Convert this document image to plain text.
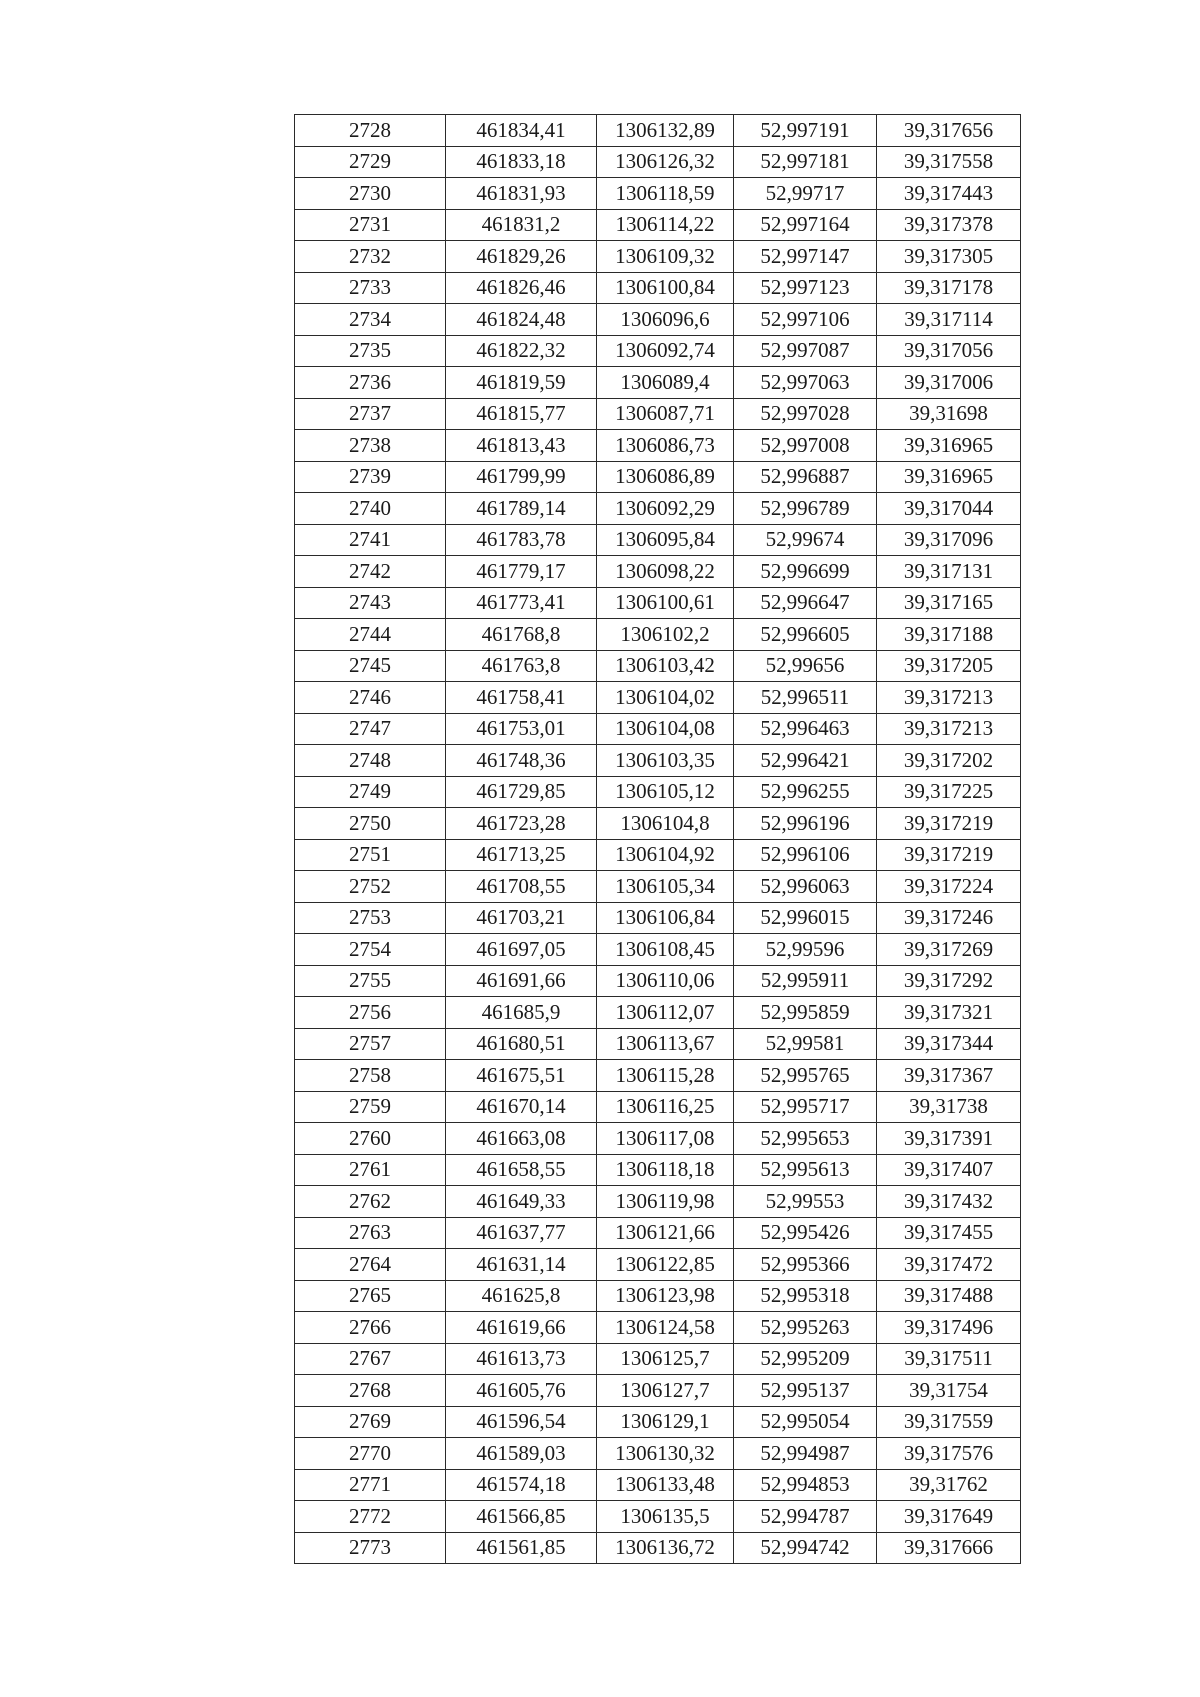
2728	461834,41	1306132,89	52,997191	39,317656
2729	461833,18	1306126,32	52,997181	39,317558
2730	461831,93	1306118,59	52,99717	39,317443
2731	461831,2	1306114,22	52,997164	39,317378
2732	461829,26	1306109,32	52,997147	39,317305
2733	461826,46	1306100,84	52,997123	39,317178
2734	461824,48	1306096,6	52,997106	39,317114
2735	461822,32	1306092,74	52,997087	39,317056
2736	461819,59	1306089,4	52,997063	39,317006
2737	461815,77	1306087,71	52,997028	39,31698
2738	461813,43	1306086,73	52,997008	39,316965
2739	461799,99	1306086,89	52,996887	39,316965
2740	461789,14	1306092,29	52,996789	39,317044
2741	461783,78	1306095,84	52,99674	39,317096
2742	461779,17	1306098,22	52,996699	39,317131
2743	461773,41	1306100,61	52,996647	39,317165
2744	461768,8	1306102,2	52,996605	39,317188
2745	461763,8	1306103,42	52,99656	39,317205
2746	461758,41	1306104,02	52,996511	39,317213
2747	461753,01	1306104,08	52,996463	39,317213
2748	461748,36	1306103,35	52,996421	39,317202
2749	461729,85	1306105,12	52,996255	39,317225
2750	461723,28	1306104,8	52,996196	39,317219
2751	461713,25	1306104,92	52,996106	39,317219
2752	461708,55	1306105,34	52,996063	39,317224
2753	461703,21	1306106,84	52,996015	39,317246
2754	461697,05	1306108,45	52,99596	39,317269
2755	461691,66	1306110,06	52,995911	39,317292
2756	461685,9	1306112,07	52,995859	39,317321
2757	461680,51	1306113,67	52,99581	39,317344
2758	461675,51	1306115,28	52,995765	39,317367
2759	461670,14	1306116,25	52,995717	39,31738
2760	461663,08	1306117,08	52,995653	39,317391
2761	461658,55	1306118,18	52,995613	39,317407
2762	461649,33	1306119,98	52,99553	39,317432
2763	461637,77	1306121,66	52,995426	39,317455
2764	461631,14	1306122,85	52,995366	39,317472
2765	461625,8	1306123,98	52,995318	39,317488
2766	461619,66	1306124,58	52,995263	39,317496
2767	461613,73	1306125,7	52,995209	39,317511
2768	461605,76	1306127,7	52,995137	39,31754
2769	461596,54	1306129,1	52,995054	39,317559
2770	461589,03	1306130,32	52,994987	39,317576
2771	461574,18	1306133,48	52,994853	39,31762
2772	461566,85	1306135,5	52,994787	39,317649
2773	461561,85	1306136,72	52,994742	39,317666
